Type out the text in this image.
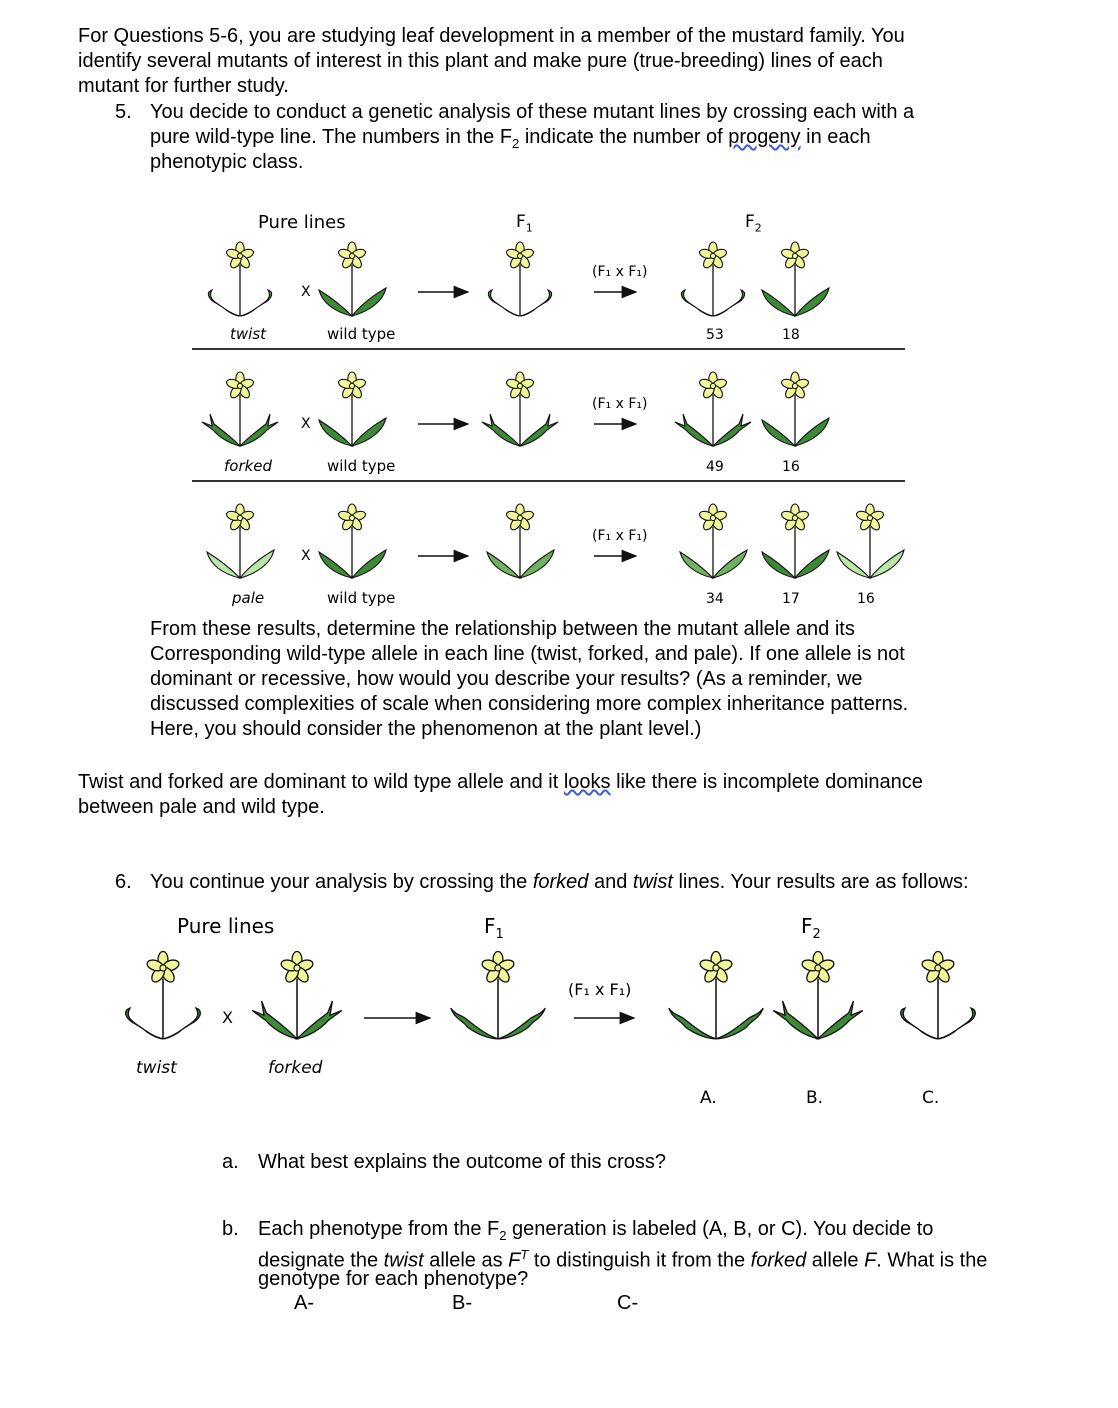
For Questions 5-6, you are studying leaf development in a member of the mustard family. You
identify several mutants of interest in this plant and make pure (true-breeding) lines of each
mutant for further study.
5. You decide to conduct a genetic analysis of these mutant lines by crossing each with a
pure wild-type line. The numbers in the $F_2$ indicate the number of progeny in each
phenotypic class.
Pure lines	$F_1$	$F_2$
X
(F₁ x F₁)
twist	wild type	53	18
X
(F₁ x F₁)
forked	wild type	49	16
X
(F₁ x F₁)
pale	wild type	34	17	16
From these results, determine the relationship between the mutant allele and its
Corresponding wild-type allele in each line (twist, forked, and pale). If one allele is not
dominant or recessive, how would you describe your results? (As a reminder, we
discussed complexities of scale when considering more complex inheritance patterns.
Here, you should consider the phenomenon at the plant level.)
Twist and forked are dominant to wild type allele and it looks like there is incomplete dominance
between pale and wild type.
6. You continue your analysis by crossing the forked and twist lines. Your results are as follows:
Pure lines	$F_1$	$F_2$
X
(F₁ x F₁)
twist	forked
A.	B.	C.
a. What best explains the outcome of this cross?
b. Each phenotype from the $F_2$ generation is labeled (A, B, or C). You decide to
designate the twist allele as $F^T$ to distinguish it from the forked allele F. What is the
genotype for each phenotype?
A-	B-	C-
